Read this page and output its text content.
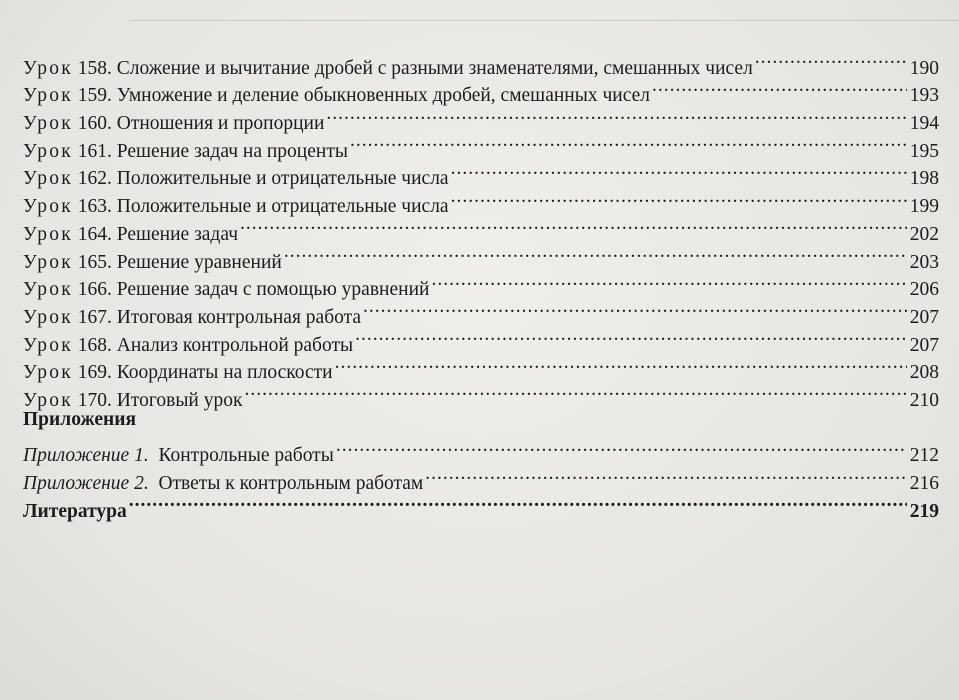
──────────────────────────────────────────────────────────────────────────────
Урок 158. Сложение и вычитание дробей с разными знаменателями, смешанных чисел .....	190
Урок 159. Умножение и деление обыкновенных дробей, смешанных чисел .....	193
Урок 160. Отношения и пропорции .....	194
Урок 161. Решение задач на проценты .....	195
Урок 162. Положительные и отрицательные числа .....	198
Урок 163. Положительные и отрицательные числа .....	199
Урок 164. Решение задач .....	202
Урок 165. Решение уравнений .....	203
Урок 166. Решение задач с помощью уравнений .....	206
Урок 167. Итоговая контрольная работа .....	207
Урок 168. Анализ контрольной работы .....	207
Урок 169. Координаты на плоскости .....	208
Урок 170. Итоговый урок .....	210
Приложения
Приложение 1. Контрольные работы .....	212
Приложение 2. Ответы к контрольным работам .....	216
Литература .....	219
